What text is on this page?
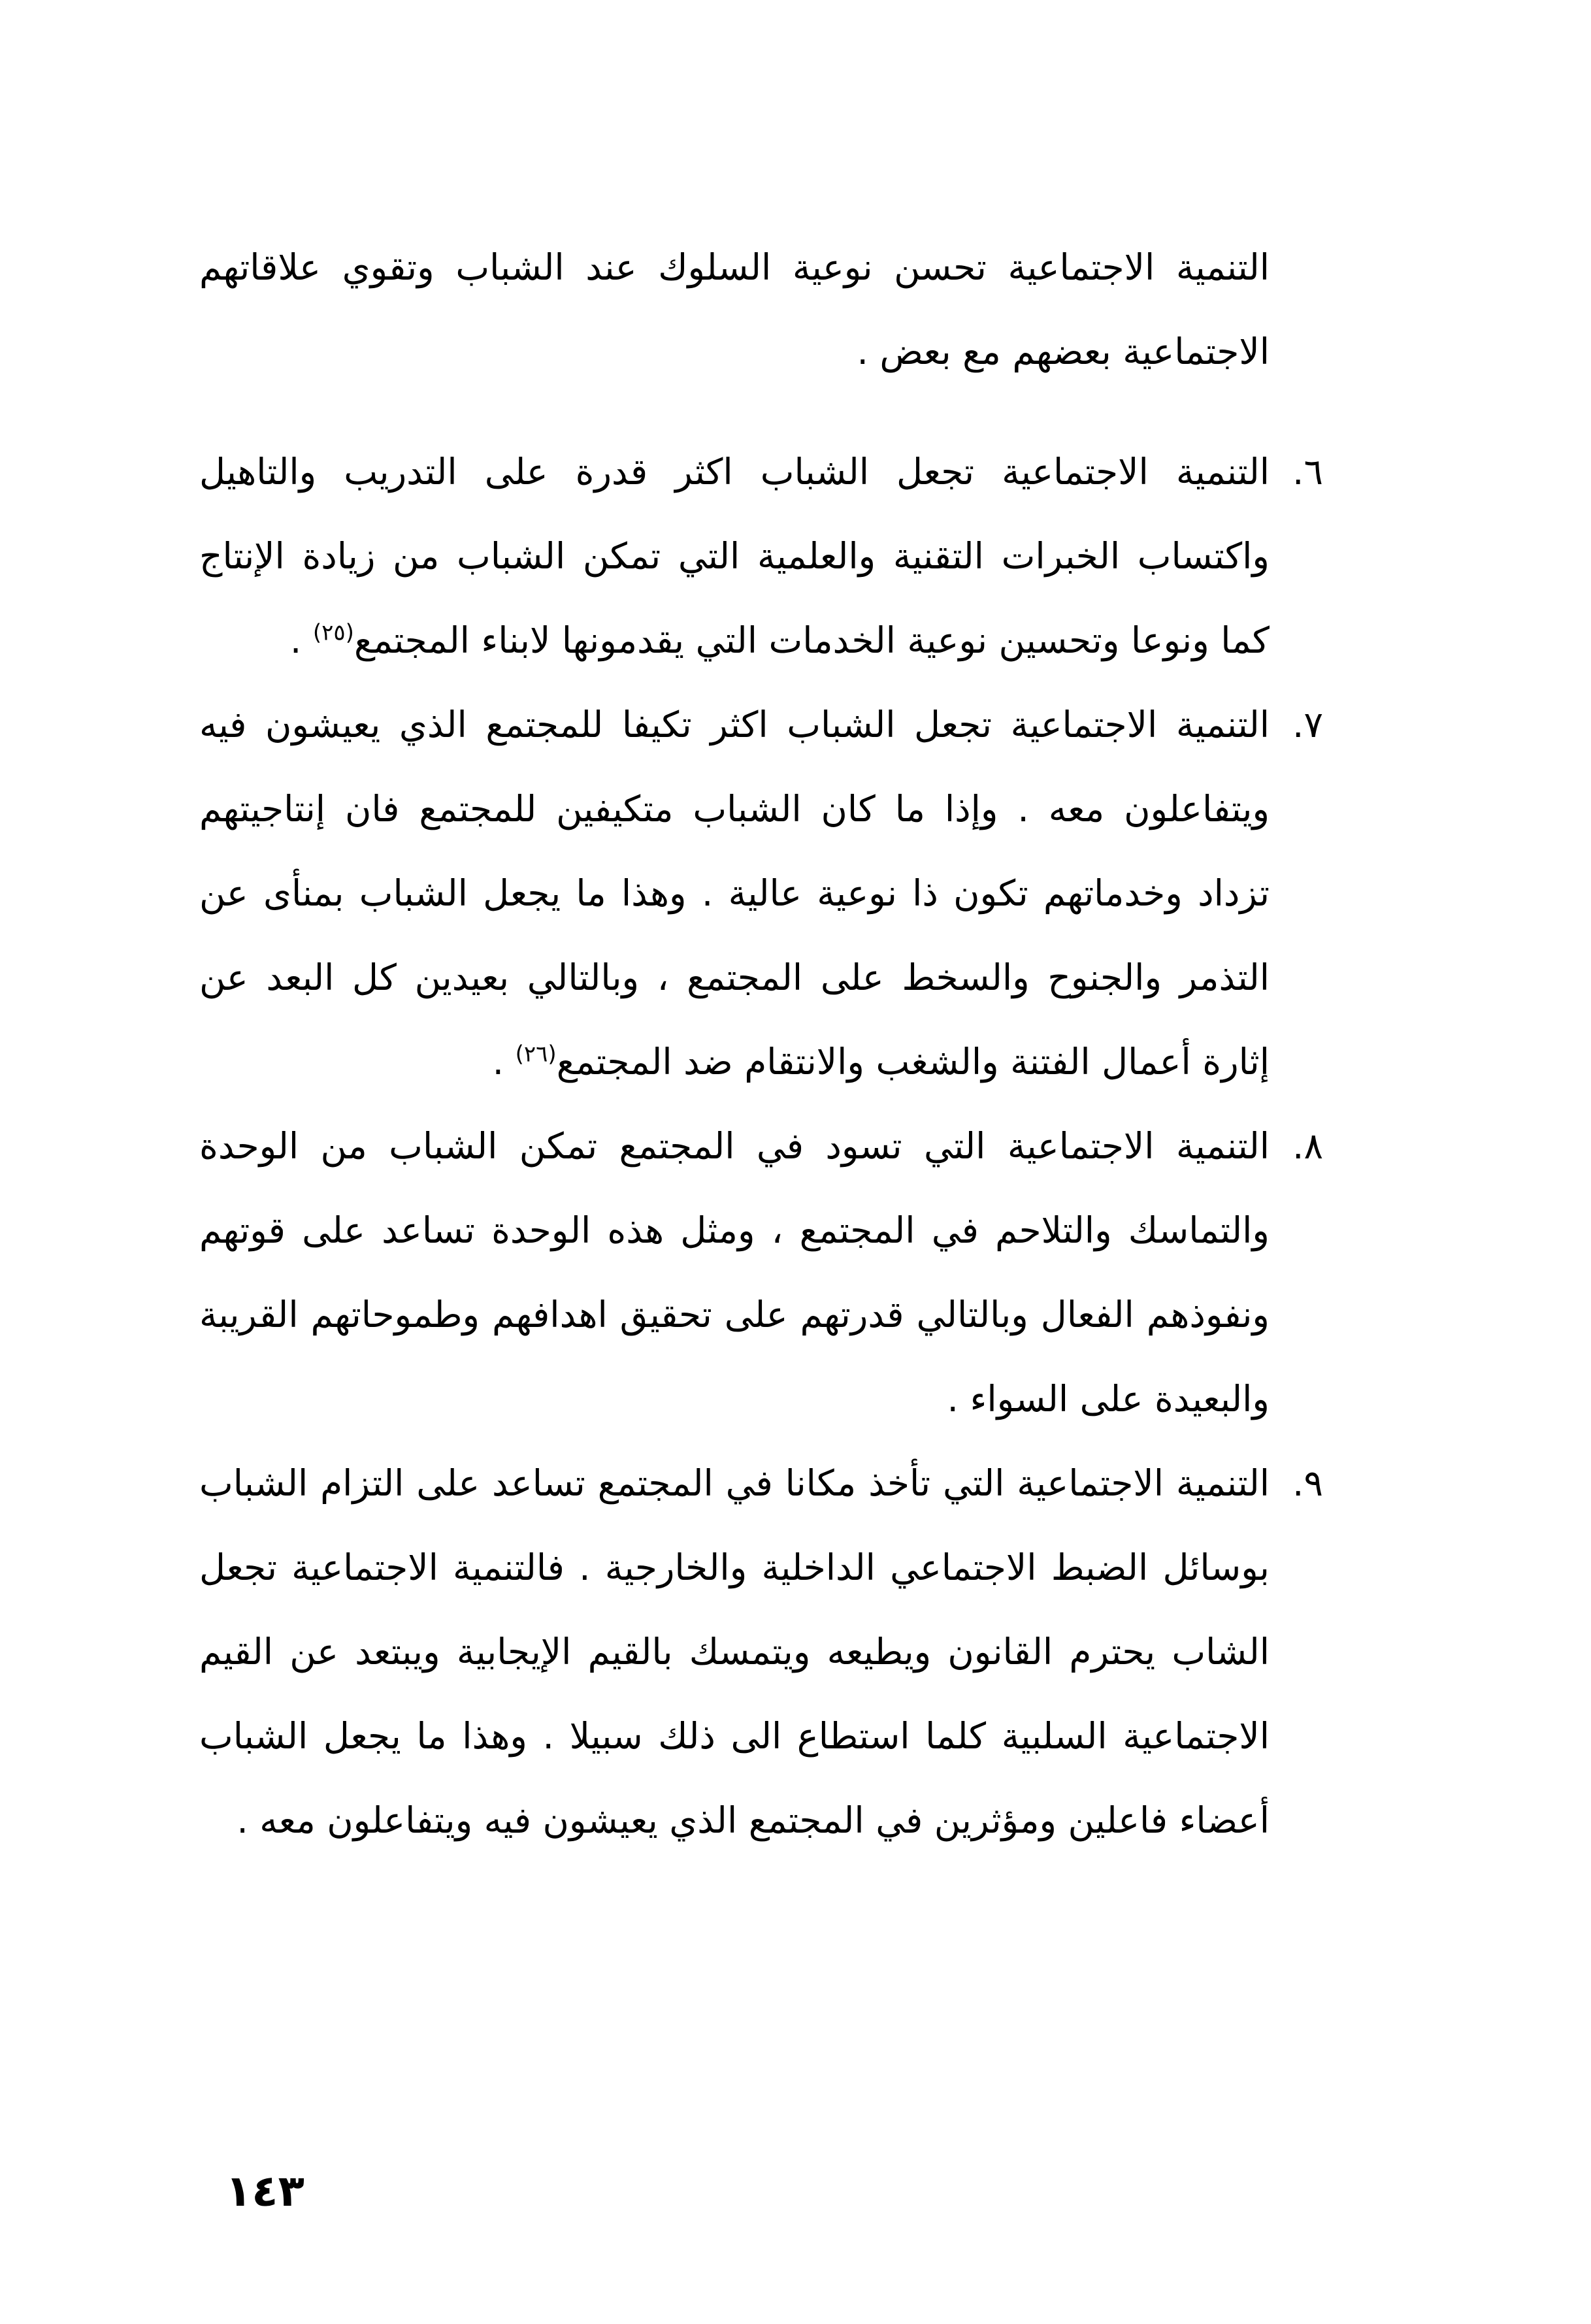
التنمية الاجتماعية تحسن نوعية السلوك عند الشباب وتقوي علاقاتهم الاجتماعية بعضهم مع بعض .

٦.
التنمية الاجتماعية تجعل الشباب اكثر قدرة على التدريب والتاهيل واكتساب الخبرات التقنية والعلمية التي تمكن الشباب من زيادة الإنتاج كما ونوعا وتحسين نوعية الخدمات التي يقدمونها لابناء المجتمع$^{(٢٥)}$ .

٧.
التنمية الاجتماعية تجعل الشباب اكثر تكيفا للمجتمع الذي يعيشون فيه ويتفاعلون معه . وإذا ما كان الشباب متكيفين للمجتمع فان إنتاجيتهم تزداد وخدماتهم تكون ذا نوعية عالية . وهذا ما يجعل الشباب بمنأى عن التذمر والجنوح والسخط على المجتمع ، وبالتالي بعيدين كل البعد عن إثارة أعمال الفتنة والشغب والانتقام ضد المجتمع$^{(٢٦)}$ .

٨.
التنمية الاجتماعية التي تسود في المجتمع تمكن الشباب من الوحدة والتماسك والتلاحم في المجتمع ، ومثل هذه الوحدة تساعد على قوتهم ونفوذهم الفعال وبالتالي قدرتهم على تحقيق اهدافهم وطموحاتهم القريبة والبعيدة على السواء .

٩.
التنمية الاجتماعية التي تأخذ مكانا في المجتمع تساعد على التزام الشباب بوسائل الضبط الاجتماعي الداخلية والخارجية . فالتنمية الاجتماعية تجعل الشاب يحترم القانون ويطيعه ويتمسك بالقيم الإيجابية ويبتعد عن القيم الاجتماعية السلبية كلما استطاع الى ذلك سبيلا . وهذا ما يجعل الشباب أعضاء فاعلين ومؤثرين في المجتمع الذي يعيشون فيه ويتفاعلون معه .

١٤٣
